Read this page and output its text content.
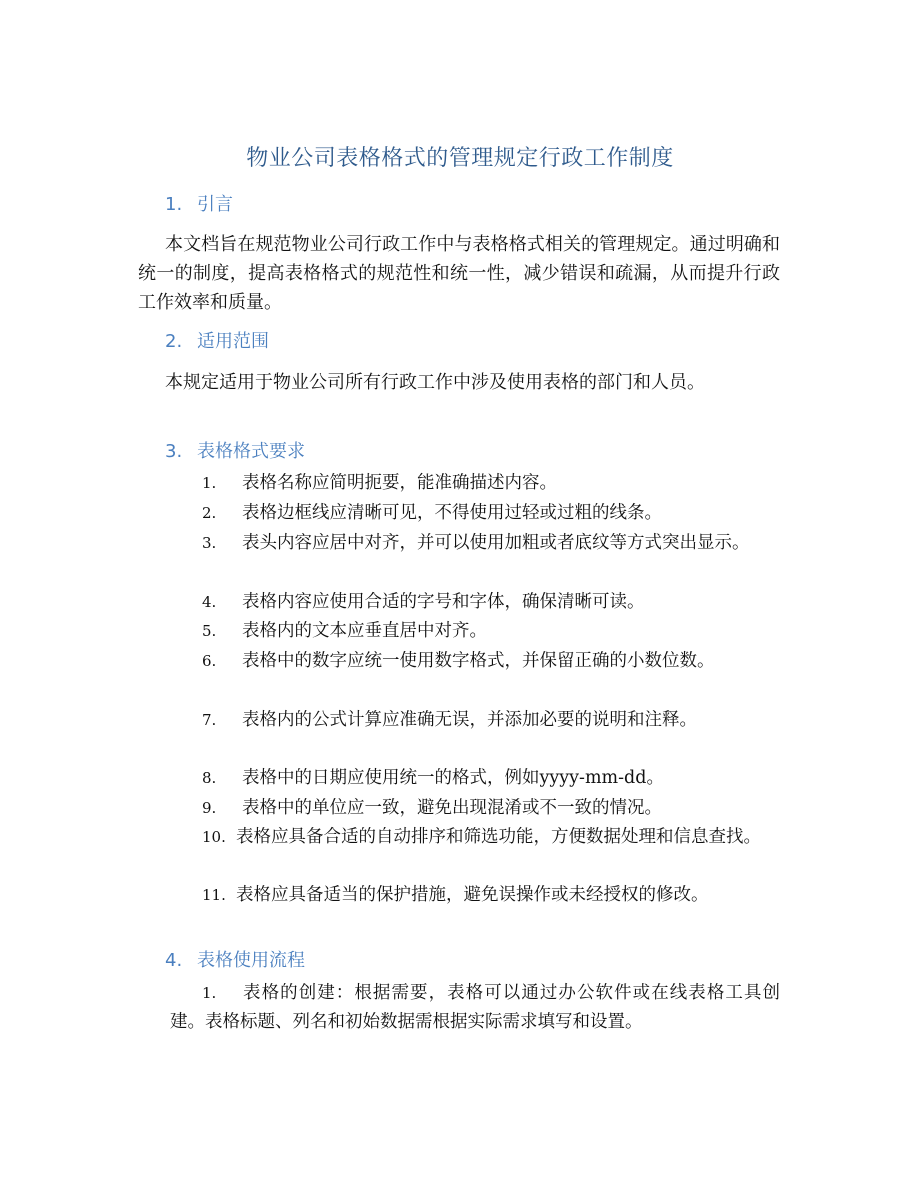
物业公司表格格式的管理规定行政工作制度
1. 引言
本文档旨在规范物业公司行政工作中与表格格式相关的管理规定。通过明确和统一的制度，提高表格格式的规范性和统一性，减少错误和疏漏，从而提升行政工作效率和质量。
2. 适用范围
本规定适用于物业公司所有行政工作中涉及使用表格的部门和人员。
3. 表格格式要求
1. 表格名称应简明扼要，能准确描述内容。
2. 表格边框线应清晰可见，不得使用过轻或过粗的线条。
3. 表头内容应居中对齐，并可以使用加粗或者底纹等方式突出显示。
4. 表格内容应使用合适的字号和字体，确保清晰可读。
5. 表格内的文本应垂直居中对齐。
6. 表格中的数字应统一使用数字格式，并保留正确的小数位数。
7. 表格内的公式计算应准确无误，并添加必要的说明和注释。
8. 表格中的日期应使用统一的格式，例如yyyy-mm-dd。
9. 表格中的单位应一致，避免出现混淆或不一致的情况。
10. 表格应具备合适的自动排序和筛选功能，方便数据处理和信息查找。
11. 表格应具备适当的保护措施，避免误操作或未经授权的修改。
4. 表格使用流程
1. 表格的创建：根据需要，表格可以通过办公软件或在线表格工具创建。表格标题、列名和初始数据需根据实际需求填写和设置。
